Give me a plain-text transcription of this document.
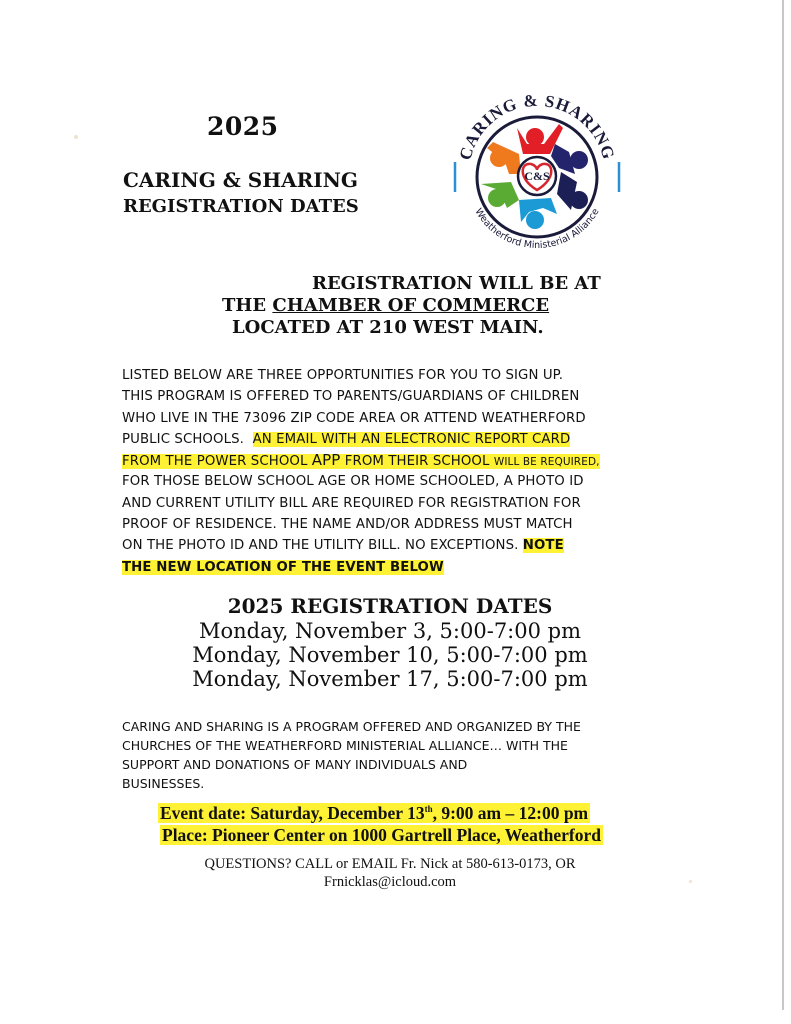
2025
CARING & SHARING
REGISTRATION DATES
C&S
CARING & SHARING
Weatherford Ministerial Alliance
REGISTRATION WILL BE AT
THE CHAMBER OF COMMERCE
LOCATED AT 210 WEST MAIN.
LISTED BELOW ARE THREE OPPORTUNITIES FOR YOU TO SIGN UP.
THIS PROGRAM IS OFFERED TO PARENTS/GUARDIANS OF CHILDREN
WHO LIVE IN THE 73096 ZIP CODE AREA OR ATTEND WEATHERFORD
PUBLIC SCHOOLS. AN EMAIL WITH AN ELECTRONIC REPORT CARD
FROM THE POWER SCHOOL APP FROM THEIR SCHOOL WILL BE REQUIRED,
FOR THOSE BELOW SCHOOL AGE OR HOME SCHOOLED, A PHOTO ID
AND CURRENT UTILITY BILL ARE REQUIRED FOR REGISTRATION FOR
PROOF OF RESIDENCE. THE NAME AND/OR ADDRESS MUST MATCH
ON THE PHOTO ID AND THE UTILITY BILL. NO EXCEPTIONS. NOTE
THE NEW LOCATION OF THE EVENT BELOW
2025 REGISTRATION DATES
Monday, November 3, 5:00-7:00 pm
Monday, November 10, 5:00-7:00 pm
Monday, November 17, 5:00-7:00 pm
CARING AND SHARING IS A PROGRAM OFFERED AND ORGANIZED BY THE
CHURCHES OF THE WEATHERFORD MINISTERIAL ALLIANCE… WITH THE
SUPPORT AND DONATIONS OF MANY INDIVIDUALS AND
BUSINESSES.
Event date: Saturday, December 13th, 9:00 am – 12:00 pm
Place: Pioneer Center on 1000 Gartrell Place, Weatherford
QUESTIONS? CALL or EMAIL Fr. Nick at 580-613-0173, OR
Frnicklas@icloud.com
